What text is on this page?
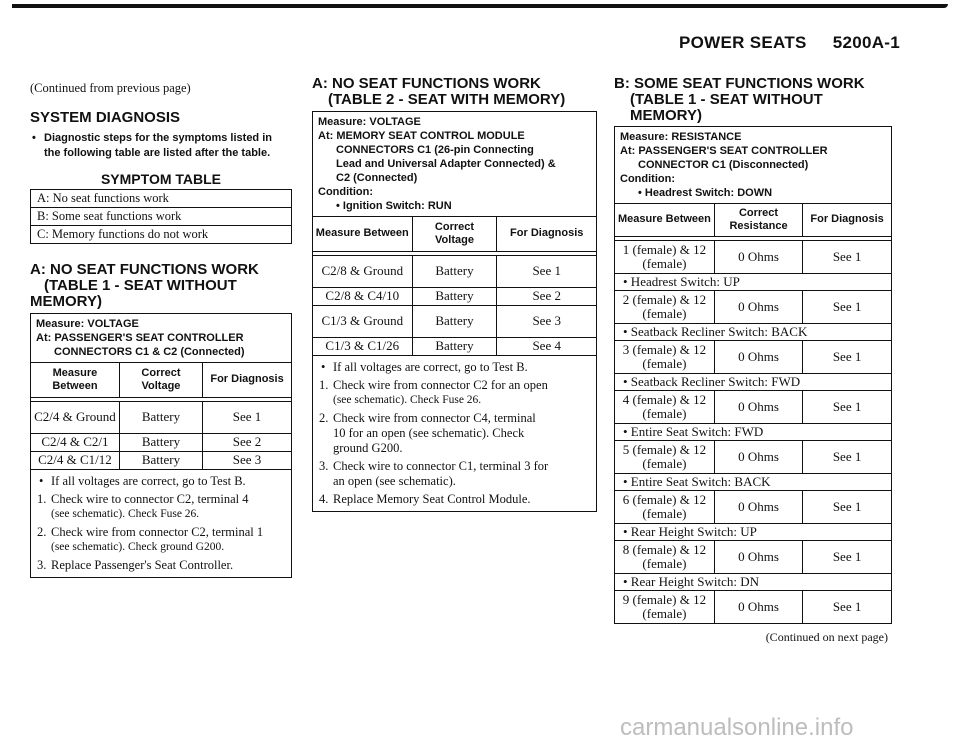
POWER SEATS 5200A-1
(Continued from previous page)
SYSTEM DIAGNOSIS
• Diagnostic steps for the symptoms listed in the following table are listed after the table.
SYMPTOM TABLE
A: No seat functions work
B: Some seat functions work
C: Memory functions do not work
A: NO SEAT FUNCTIONS WORK
(TABLE 1 - SEAT WITHOUT
MEMORY)
Measure: VOLTAGE
At: PASSENGER'S SEAT CONTROLLER
CONNECTORS C1 & C2 (Connected)
Measure Between	Correct Voltage	For Diagnosis

C2/4 & Ground	Battery	See 1
C2/4 & C2/1	Battery	See 2
C2/4 & C1/12	Battery	See 3
• If all voltages are correct, go to Test B.
1. Check wire to connector C2, terminal 4
(see schematic). Check Fuse 26.
2. Check wire from connector C2, terminal 1
(see schematic). Check ground G200.
3. Replace Passenger's Seat Controller.
A: NO SEAT FUNCTIONS WORK
(TABLE 2 - SEAT WITH MEMORY)
Measure: VOLTAGE
At: MEMORY SEAT CONTROL MODULE
CONNECTORS C1 (26-pin Connecting
Lead and Universal Adapter Connected) &
C2 (Connected)
Condition:
• Ignition Switch: RUN
Measure Between	Correct Voltage	For Diagnosis

C2/8 & Ground	Battery	See 1
C2/8 & C4/10	Battery	See 2
C1/3 & Ground	Battery	See 3
C1/3 & C1/26	Battery	See 4
• If all voltages are correct, go to Test B.
1. Check wire from connector C2 for an open
(see schematic). Check Fuse 26.
2. Check wire from connector C4, terminal
10 for an open (see schematic). Check
ground G200.
3. Check wire to connector C1, terminal 3 for
an open (see schematic).
4. Replace Memory Seat Control Module.
B: SOME SEAT FUNCTIONS WORK
(TABLE 1 - SEAT WITHOUT
MEMORY)
Measure: RESISTANCE
At: PASSENGER'S SEAT CONTROLLER
CONNECTOR C1 (Disconnected)
Condition:
• Headrest Switch: DOWN
Measure Between	Correct Resistance	For Diagnosis

1 (female) & 12 (female)	0 Ohms	See 1
• Headrest Switch: UP		
2 (female) & 12 (female)	0 Ohms	See 1
• Seatback Recliner Switch: BACK		
3 (female) & 12 (female)	0 Ohms	See 1
• Seatback Recliner Switch: FWD		
4 (female) & 12 (female)	0 Ohms	See 1
• Entire Seat Switch: FWD		
5 (female) & 12 (female)	0 Ohms	See 1
• Entire Seat Switch: BACK		
6 (female) & 12 (female)	0 Ohms	See 1
• Rear Height Switch: UP		
8 (female) & 12 (female)	0 Ohms	See 1
• Rear Height Switch: DN		
9 (female) & 12 (female)	0 Ohms	See 1
(Continued on next page)
carmanualsonline.info
